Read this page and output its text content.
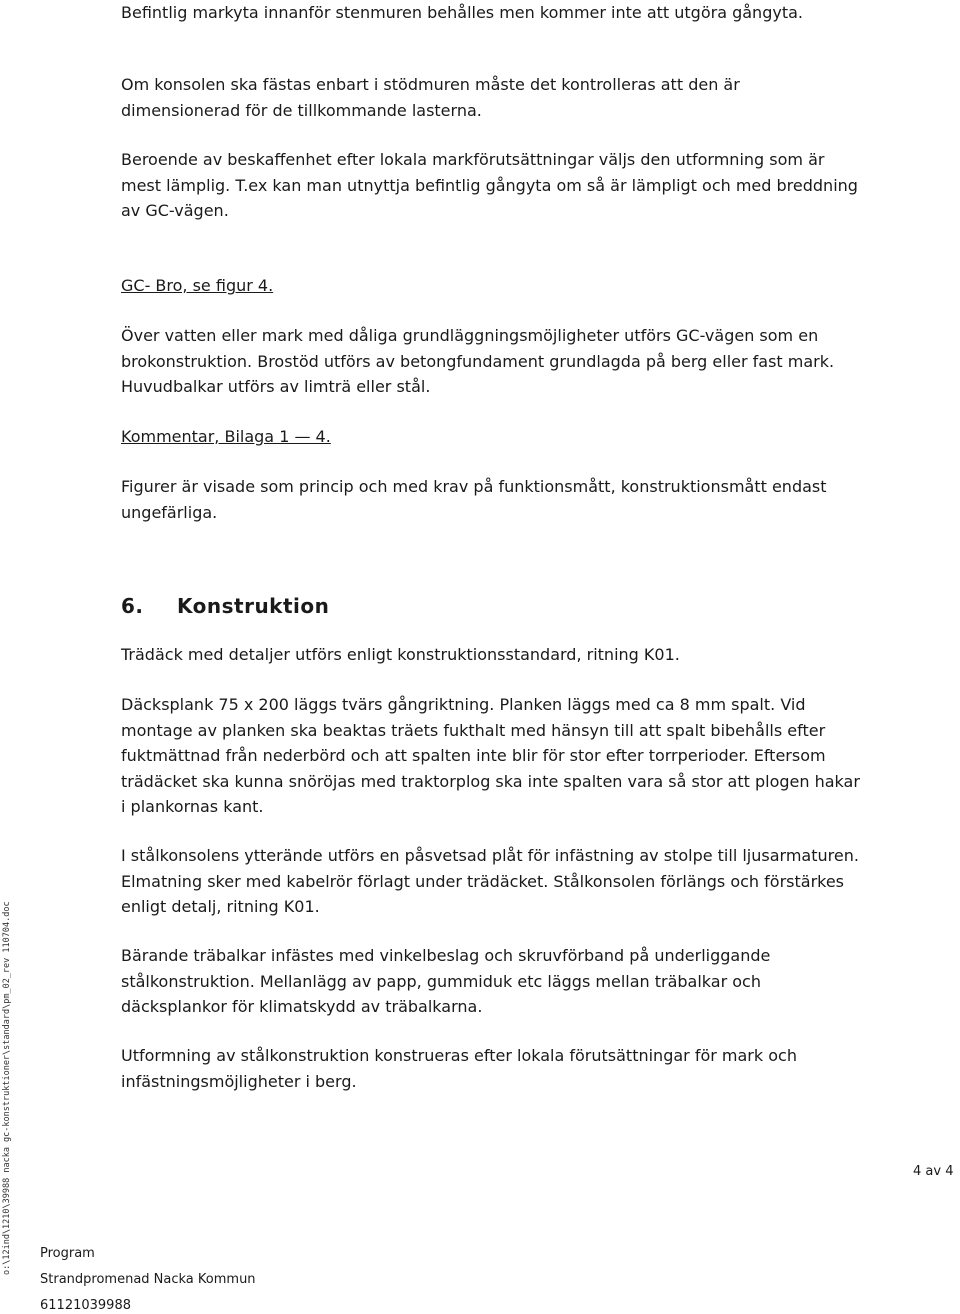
Befintlig markyta innanför stenmuren behålles men kommer inte att utgöra gångyta.

Om konsolen ska fästas enbart i stödmuren måste det kontrolleras att den är dimensionerad för de tillkommande lasterna.

Beroende av beskaffenhet efter lokala markförutsättningar väljs den utformning som är mest lämplig. T.ex kan man utnyttja befintlig gångyta om så är lämpligt och med breddning av GC-vägen.

GC- Bro, se figur 4.

Över vatten eller mark med dåliga grundläggningsmöjligheter utförs GC-vägen som en brokonstruktion. Brostöd utförs av betongfundament grundlagda på berg eller fast mark. Huvudbalkar utförs av limträ eller stål.

Kommentar, Bilaga 1 — 4.

Figurer är visade som princip och med krav på funktionsmått, konstruktionsmått endast ungefärliga.

6. Konstruktion

Trädäck med detaljer utförs enligt konstruktionsstandard, ritning K01.

Däcksplank 75 x 200 läggs tvärs gångriktning. Planken läggs med ca 8 mm spalt. Vid montage av planken ska beaktas träets fukthalt med hänsyn till att spalt bibehålls efter fuktmättnad från nederbörd och att spalten inte blir för stor efter torrperioder. Eftersom trädäcket ska kunna snöröjas med traktorplog ska inte spalten vara så stor att plogen hakar i plankornas kant.

I stålkonsolens ytterände utförs en påsvetsad plåt för infästning av stolpe till ljusarmaturen. Elmatning sker med kabelrör förlagt under trädäcket. Stålkonsolen förlängs och förstärkes enligt detalj, ritning K01.

Bärande träbalkar infästes med vinkelbeslag och skruvförband på underliggande stålkonstruktion. Mellanlägg av papp, gummiduk etc läggs mellan träbalkar och däcksplankor för klimatskydd av träbalkarna.

Utformning av stålkonstruktion konstrueras efter lokala förutsättningar för mark och infästningsmöjligheter i berg.

o:\12ind\1210\39988 nacka gc-konstruktioner\standard\pm_02_rev 110704.doc	4 av 4
Program
Strandpromenad Nacka Kommun
61121039988
